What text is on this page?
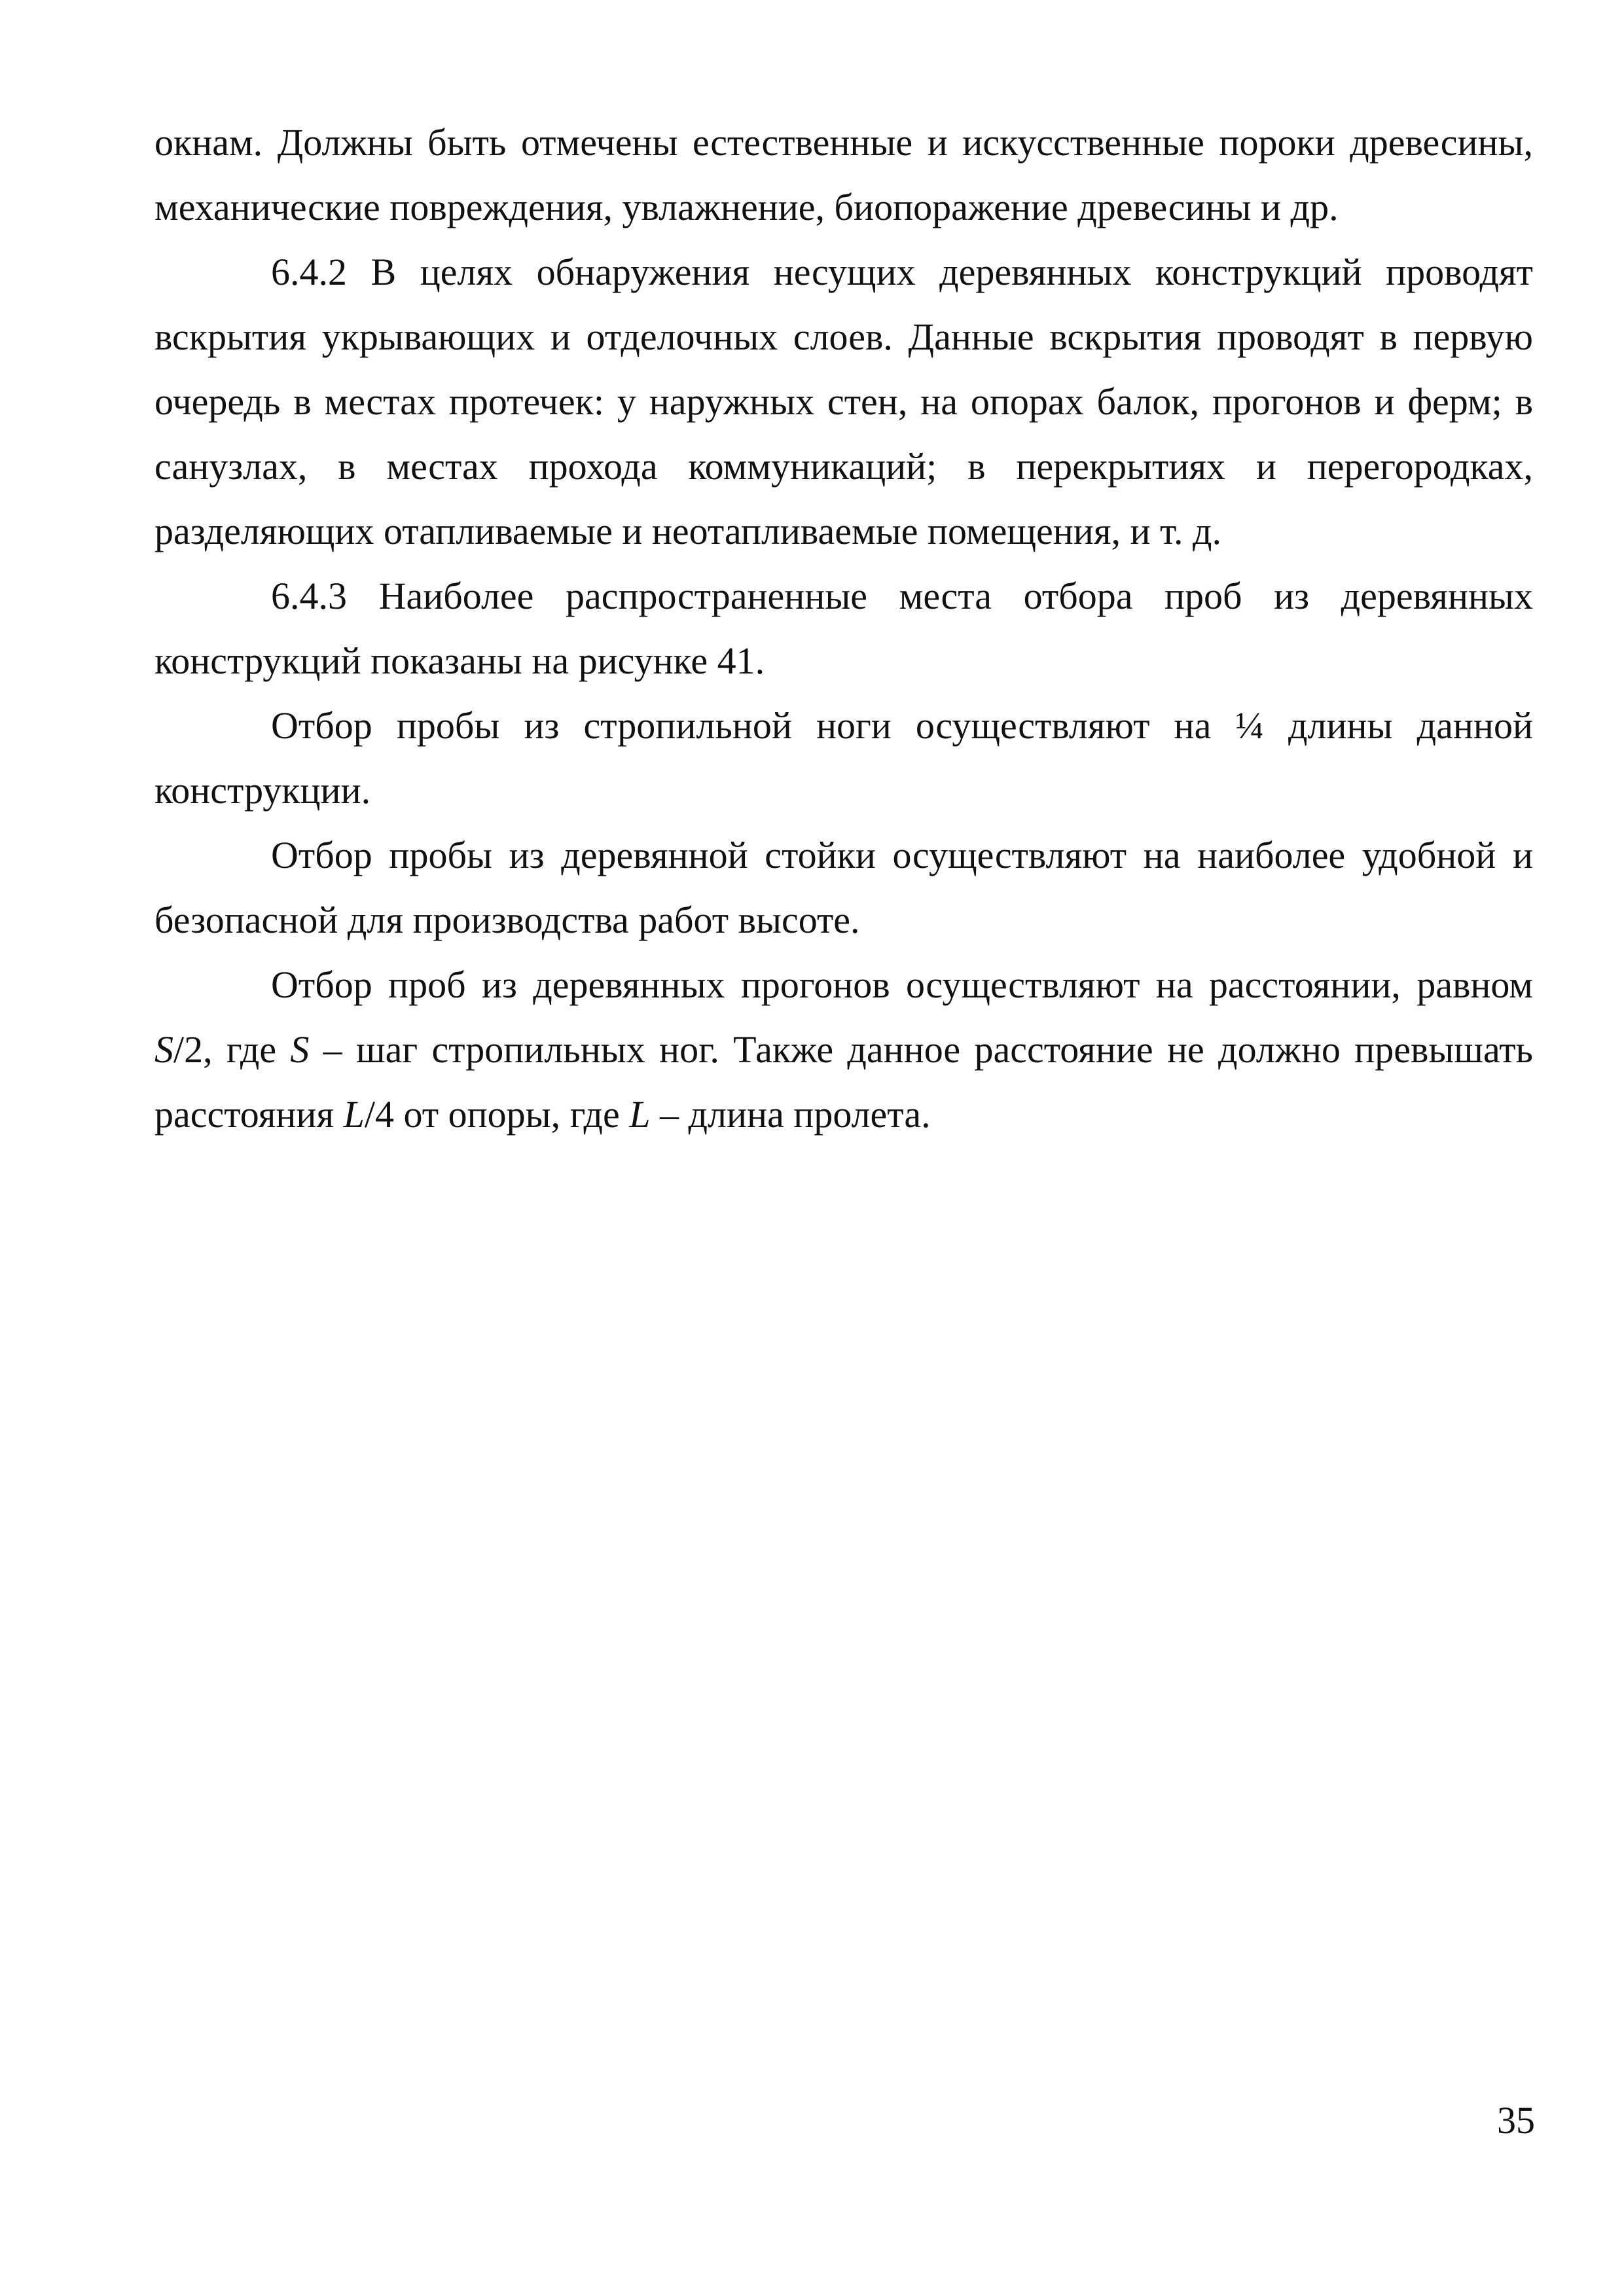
окнам. Должны быть отмечены естественные и искусственные пороки древесины, механические повреждения, увлажнение, биопоражение древесины и др.

6.4.2 В целях обнаружения несущих деревянных конструкций проводят вскрытия укрывающих и отделочных слоев. Данные вскрытия проводят в первую очередь в местах протечек: у наружных стен, на опорах балок, прогонов и ферм; в санузлах, в местах прохода коммуникаций; в перекрытиях и перегородках, разделяющих отапливаемые и неотапливаемые помещения, и т. д.

6.4.3 Наиболее распространенные места отбора проб из деревянных конструкций показаны на рисунке 41.

Отбор пробы из стропильной ноги осуществляют на ¼ длины данной конструкции.

Отбор пробы из деревянной стойки осуществляют на наиболее удобной и безопасной для производства работ высоте.

Отбор проб из деревянных прогонов осуществляют на расстоянии, равном S/2, где S – шаг стропильных ног. Также данное расстояние не должно превышать расстояния L/4 от опоры, где L – длина пролета.

35
